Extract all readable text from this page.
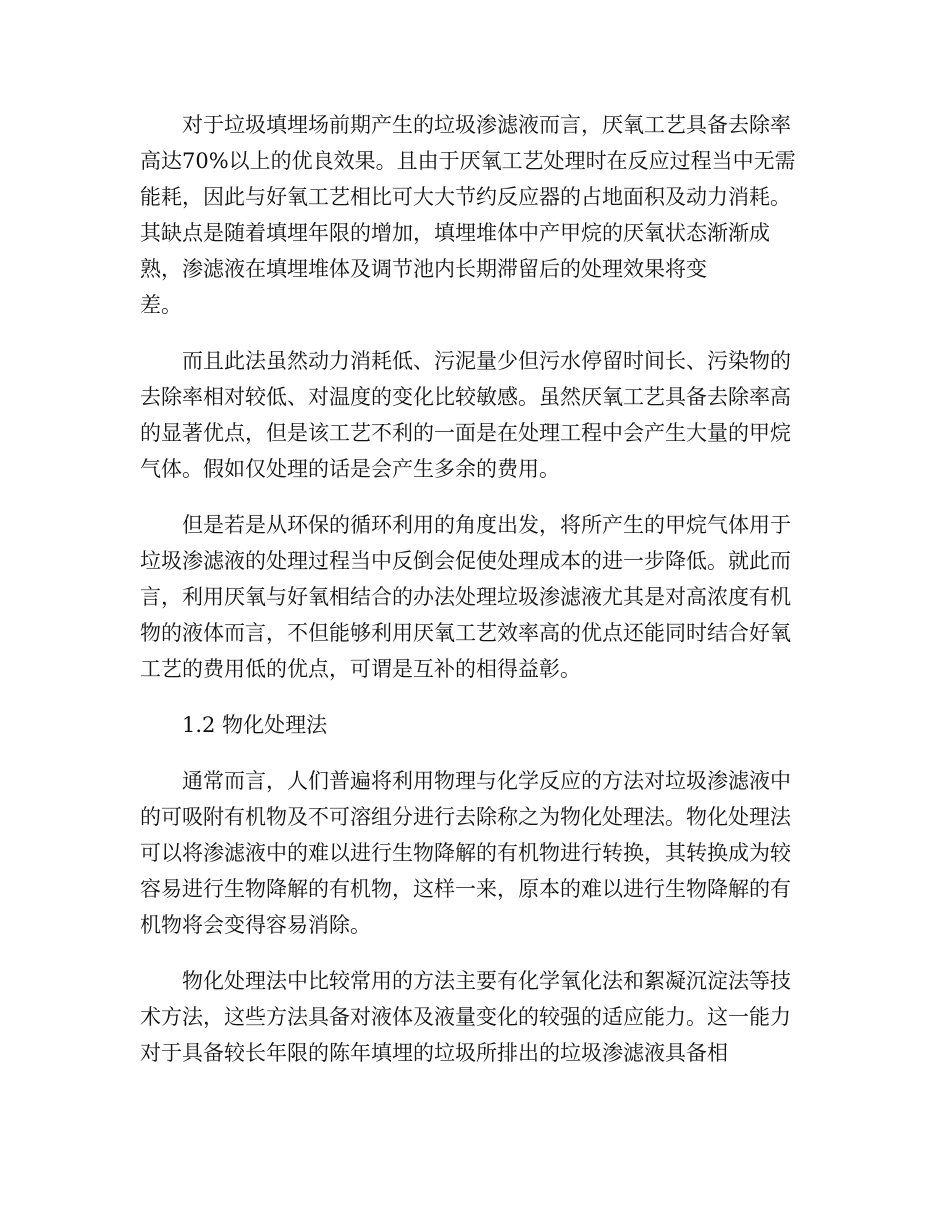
对于垃圾填埋场前期产生的垃圾渗滤液而言，厌氧工艺具备去除率高达70%以上的优良效果。且由于厌氧工艺处理时在反应过程当中无需能耗，因此与好氧工艺相比可大大节约反应器的占地面积及动力消耗。其缺点是随着填埋年限的增加，填埋堆体中产甲烷的厌氧状态渐渐成熟，渗滤液在填埋堆体及调节池内长期滞留后的处理效果将变
差。

而且此法虽然动力消耗低、污泥量少但污水停留时间长、污染物的去除率相对较低、对温度的变化比较敏感。虽然厌氧工艺具备去除率高的显著优点，但是该工艺不利的一面是在处理工程中会产生大量的甲烷气体。假如仅处理的话是会产生多余的费用。

但是若是从环保的循环利用的角度出发，将所产生的甲烷气体用于垃圾渗滤液的处理过程当中反倒会促使处理成本的进一步降低。就此而言，利用厌氧与好氧相结合的办法处理垃圾渗滤液尤其是对高浓度有机物的液体而言，不但能够利用厌氧工艺效率高的优点还能同时结合好氧工艺的费用低的优点，可谓是互补的相得益彰。

1.2 物化处理法

通常而言，人们普遍将利用物理与化学反应的方法对垃圾渗滤液中的可吸附有机物及不可溶组分进行去除称之为物化处理法。物化处理法可以将渗滤液中的难以进行生物降解的有机物进行转换，其转换成为较容易进行生物降解的有机物，这样一来，原本的难以进行生物降解的有机物将会变得容易消除。

物化处理法中比较常用的方法主要有化学氧化法和絮凝沉淀法等技术方法，这些方法具备对液体及液量变化的较强的适应能力。这一能力对于具备较长年限的陈年填埋的垃圾所排出的垃圾渗滤液具备相
